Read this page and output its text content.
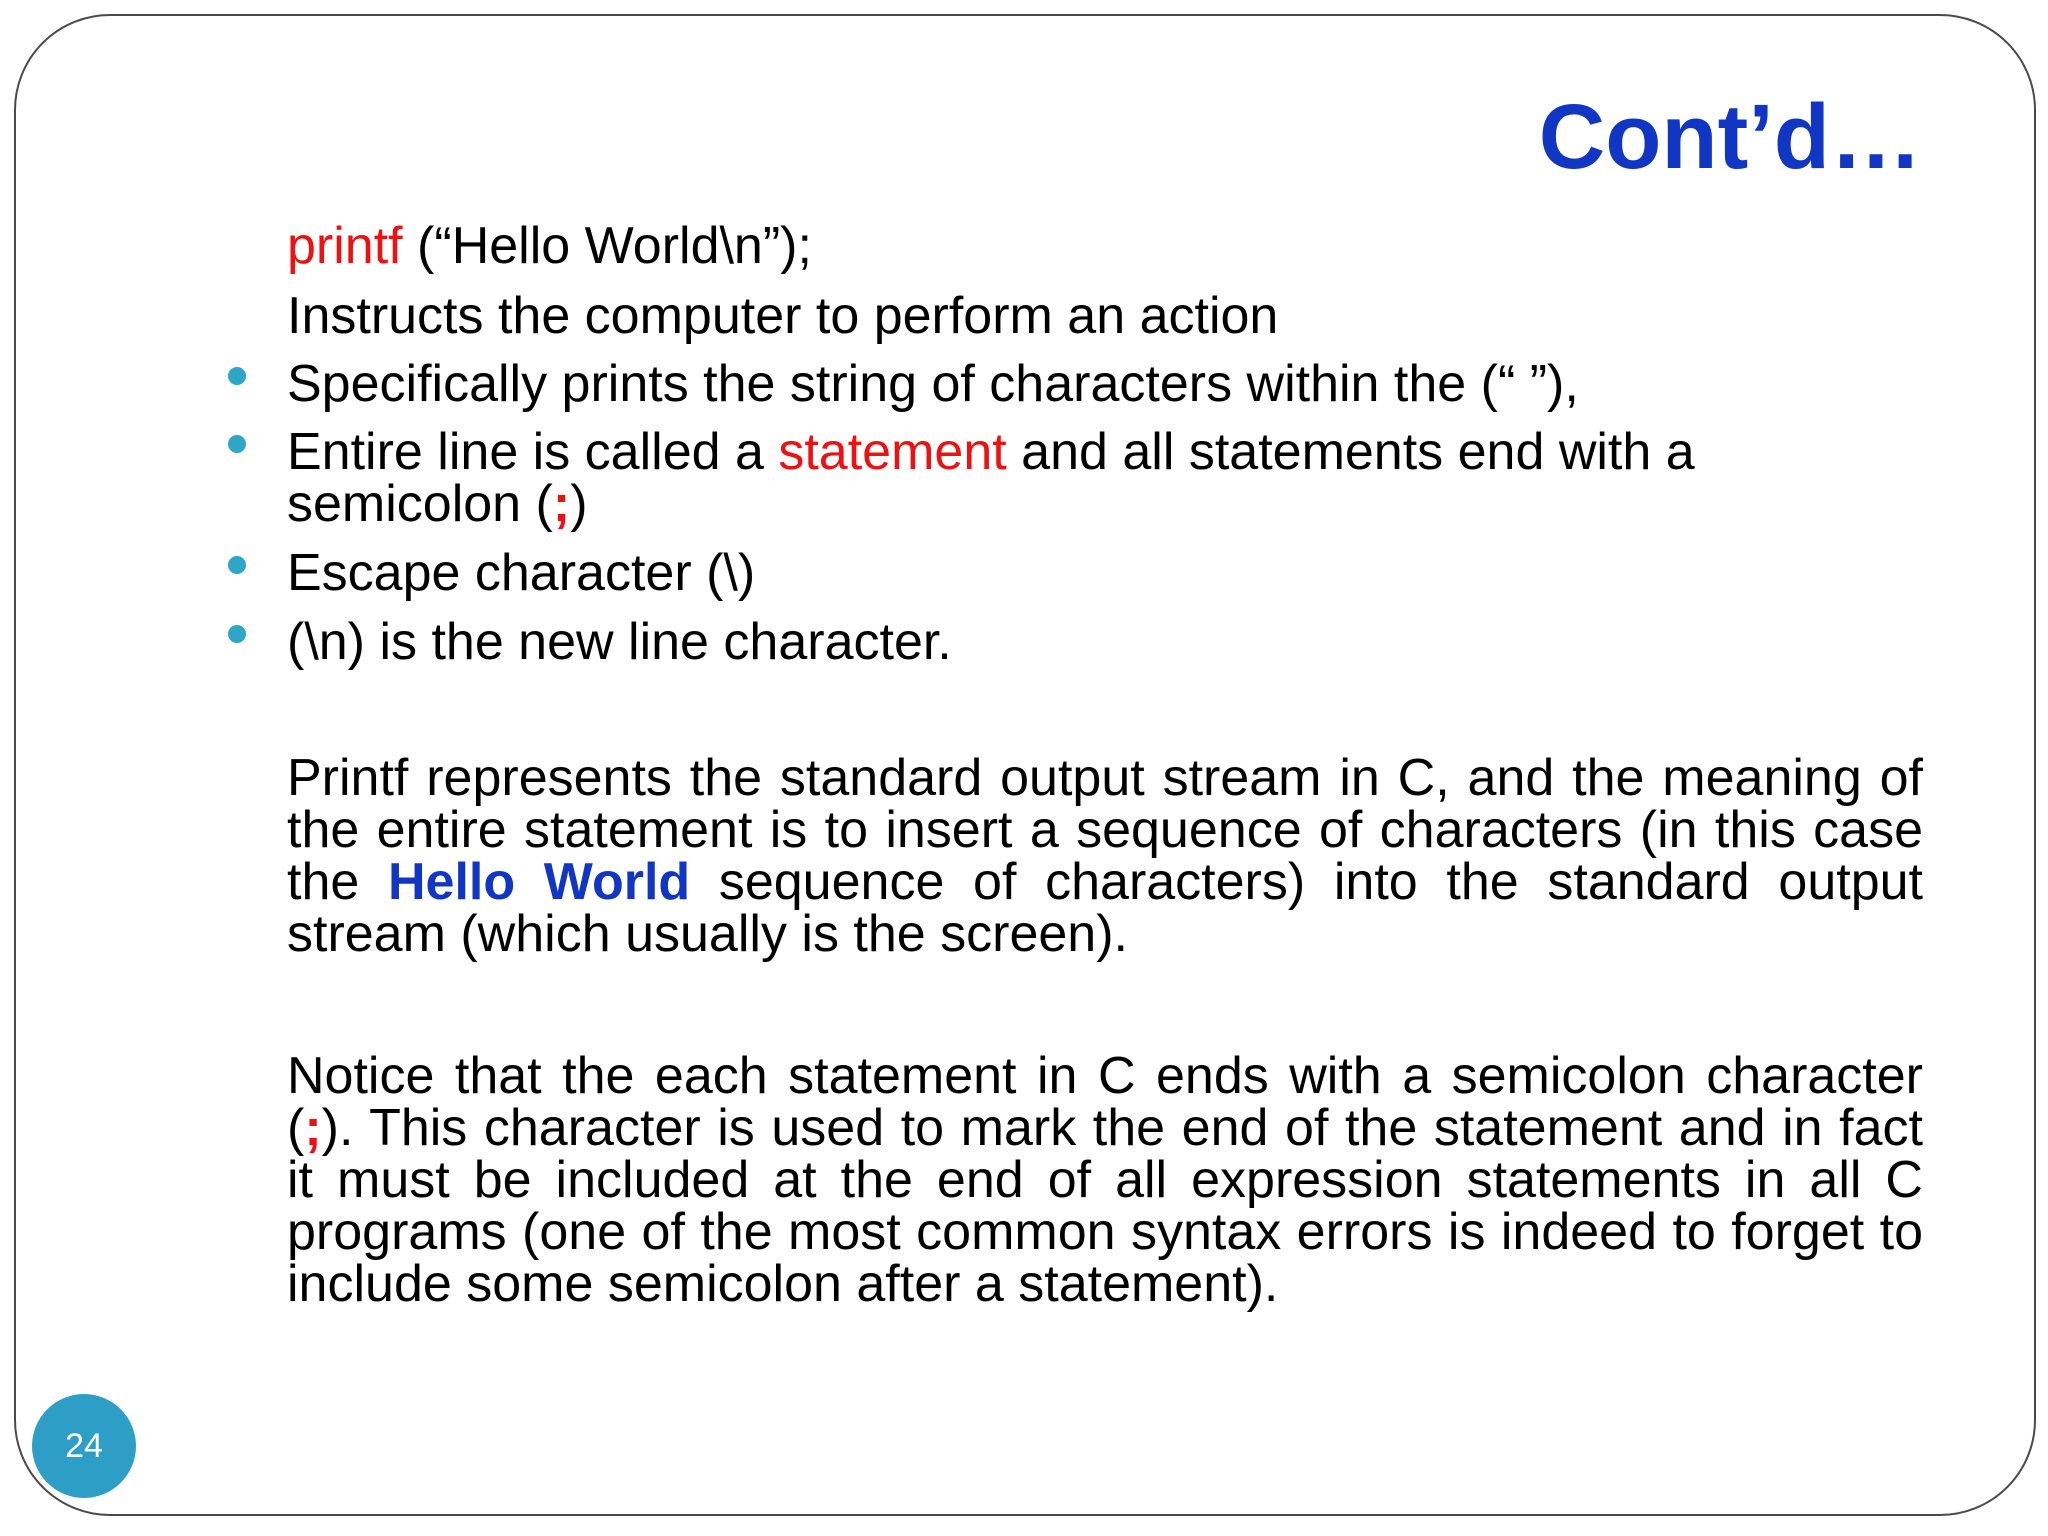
Cont’d…
printf (“Hello World\n”);
Instructs the computer to perform an action
Specifically prints the string of characters within the (“ ”),
Entire line is called a statement and all statements end with a
semicolon (;)
Escape character (\)
(\n) is the new line character.
Printf represents the standard output stream in C, and the meaning of the entire statement is to insert a sequence of characters (in this case the Hello World sequence of characters) into the standard output stream (which usually is the screen).
Notice that the each statement in C ends with a semicolon character (;). This character is used to mark the end of the statement and in fact it must be included at the end of all expression statements in all C programs (one of the most common syntax errors is indeed to forget to include some semicolon after a statement).
24
